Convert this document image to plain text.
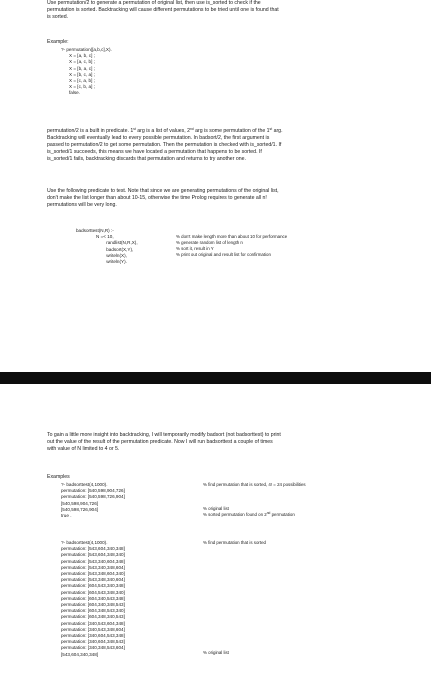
Use permutation/2 to generate a permutation of original list, then use is_sorted to check if the

permutation is sorted. Backtracking will cause different permutations to be tried until one is found that

is sorted.

Example:

?- permutation([a,b,c],X).
X = [a, b, c] ;
X = [a, c, b] ;
X = [b, a, c] ;
X = [b, c, a] ;
X = [c, a, b] ;
X = [c, b, a] ;
false.

permutation/2 is a built in predicate. 1st arg is a list of values, 2nd arg is some permutation of the 1st arg.

Backtracking will eventually lead to every possible permutation. In badsort/2, the first argument is

passed to permutation/2 to get some permutation. Then the permutation is checked with is_sorted/1. If

is_sorted/1 succeeds, this means we have located a permutation that happens to be sorted. If

is_sorted/1 fails, backtracking discards that permutation and returns to try another one.

Use the following predicate to test. Note that since we are generating permutations of the original list,

don't make the list longer than about 10-15, otherwise the time Prolog requires to generate all n!

permutations will be very long.

badsorttest(N,R) :-
N =< 10,
randlist(N,R,X),
badsort(X,Y),
writeln(X),
writeln(Y).
% don't make length more than about 10 for performance
% generate random list of length n
% sort it, result in Y
% print out original and result list for confirmation

To gain a little more insight into backtracking, I will temporarily modify badsort (not badsorttest) to print

out the value of the result of the permutation predicate. Now I will run badsorttest a couple of times

with value of N limited to 4 or 5.

Examples

?- badsorttest(4,1000).
permutation: [540,598,904,726]
permutation: [540,598,726,904]
[540,598,904,726]
[540,598,726,904]
true .
% find permutation that is sorted, 4! = 24 possibilities
% original list
% sorted permutation found on 2nd permutation
?- badsorttest(4,1000).
permutation: [543,604,340,348]
permutation: [543,604,348,340]
permutation: [543,340,604,348]
permutation: [543,340,348,604]
permutation: [543,348,604,340]
permutation: [543,348,340,604]
permutation: [604,543,340,348]
permutation: [604,543,348,340]
permutation: [604,340,543,348]
permutation: [604,340,348,543]
permutation: [604,348,543,340]
permutation: [604,348,340,543]
permutation: [340,543,604,348]
permutation: [340,543,348,604]
permutation: [340,604,543,348]
permutation: [340,604,348,543]
permutation: [340,348,543,604]
[543,604,340,348]
% find permutation that is sorted
% original list
